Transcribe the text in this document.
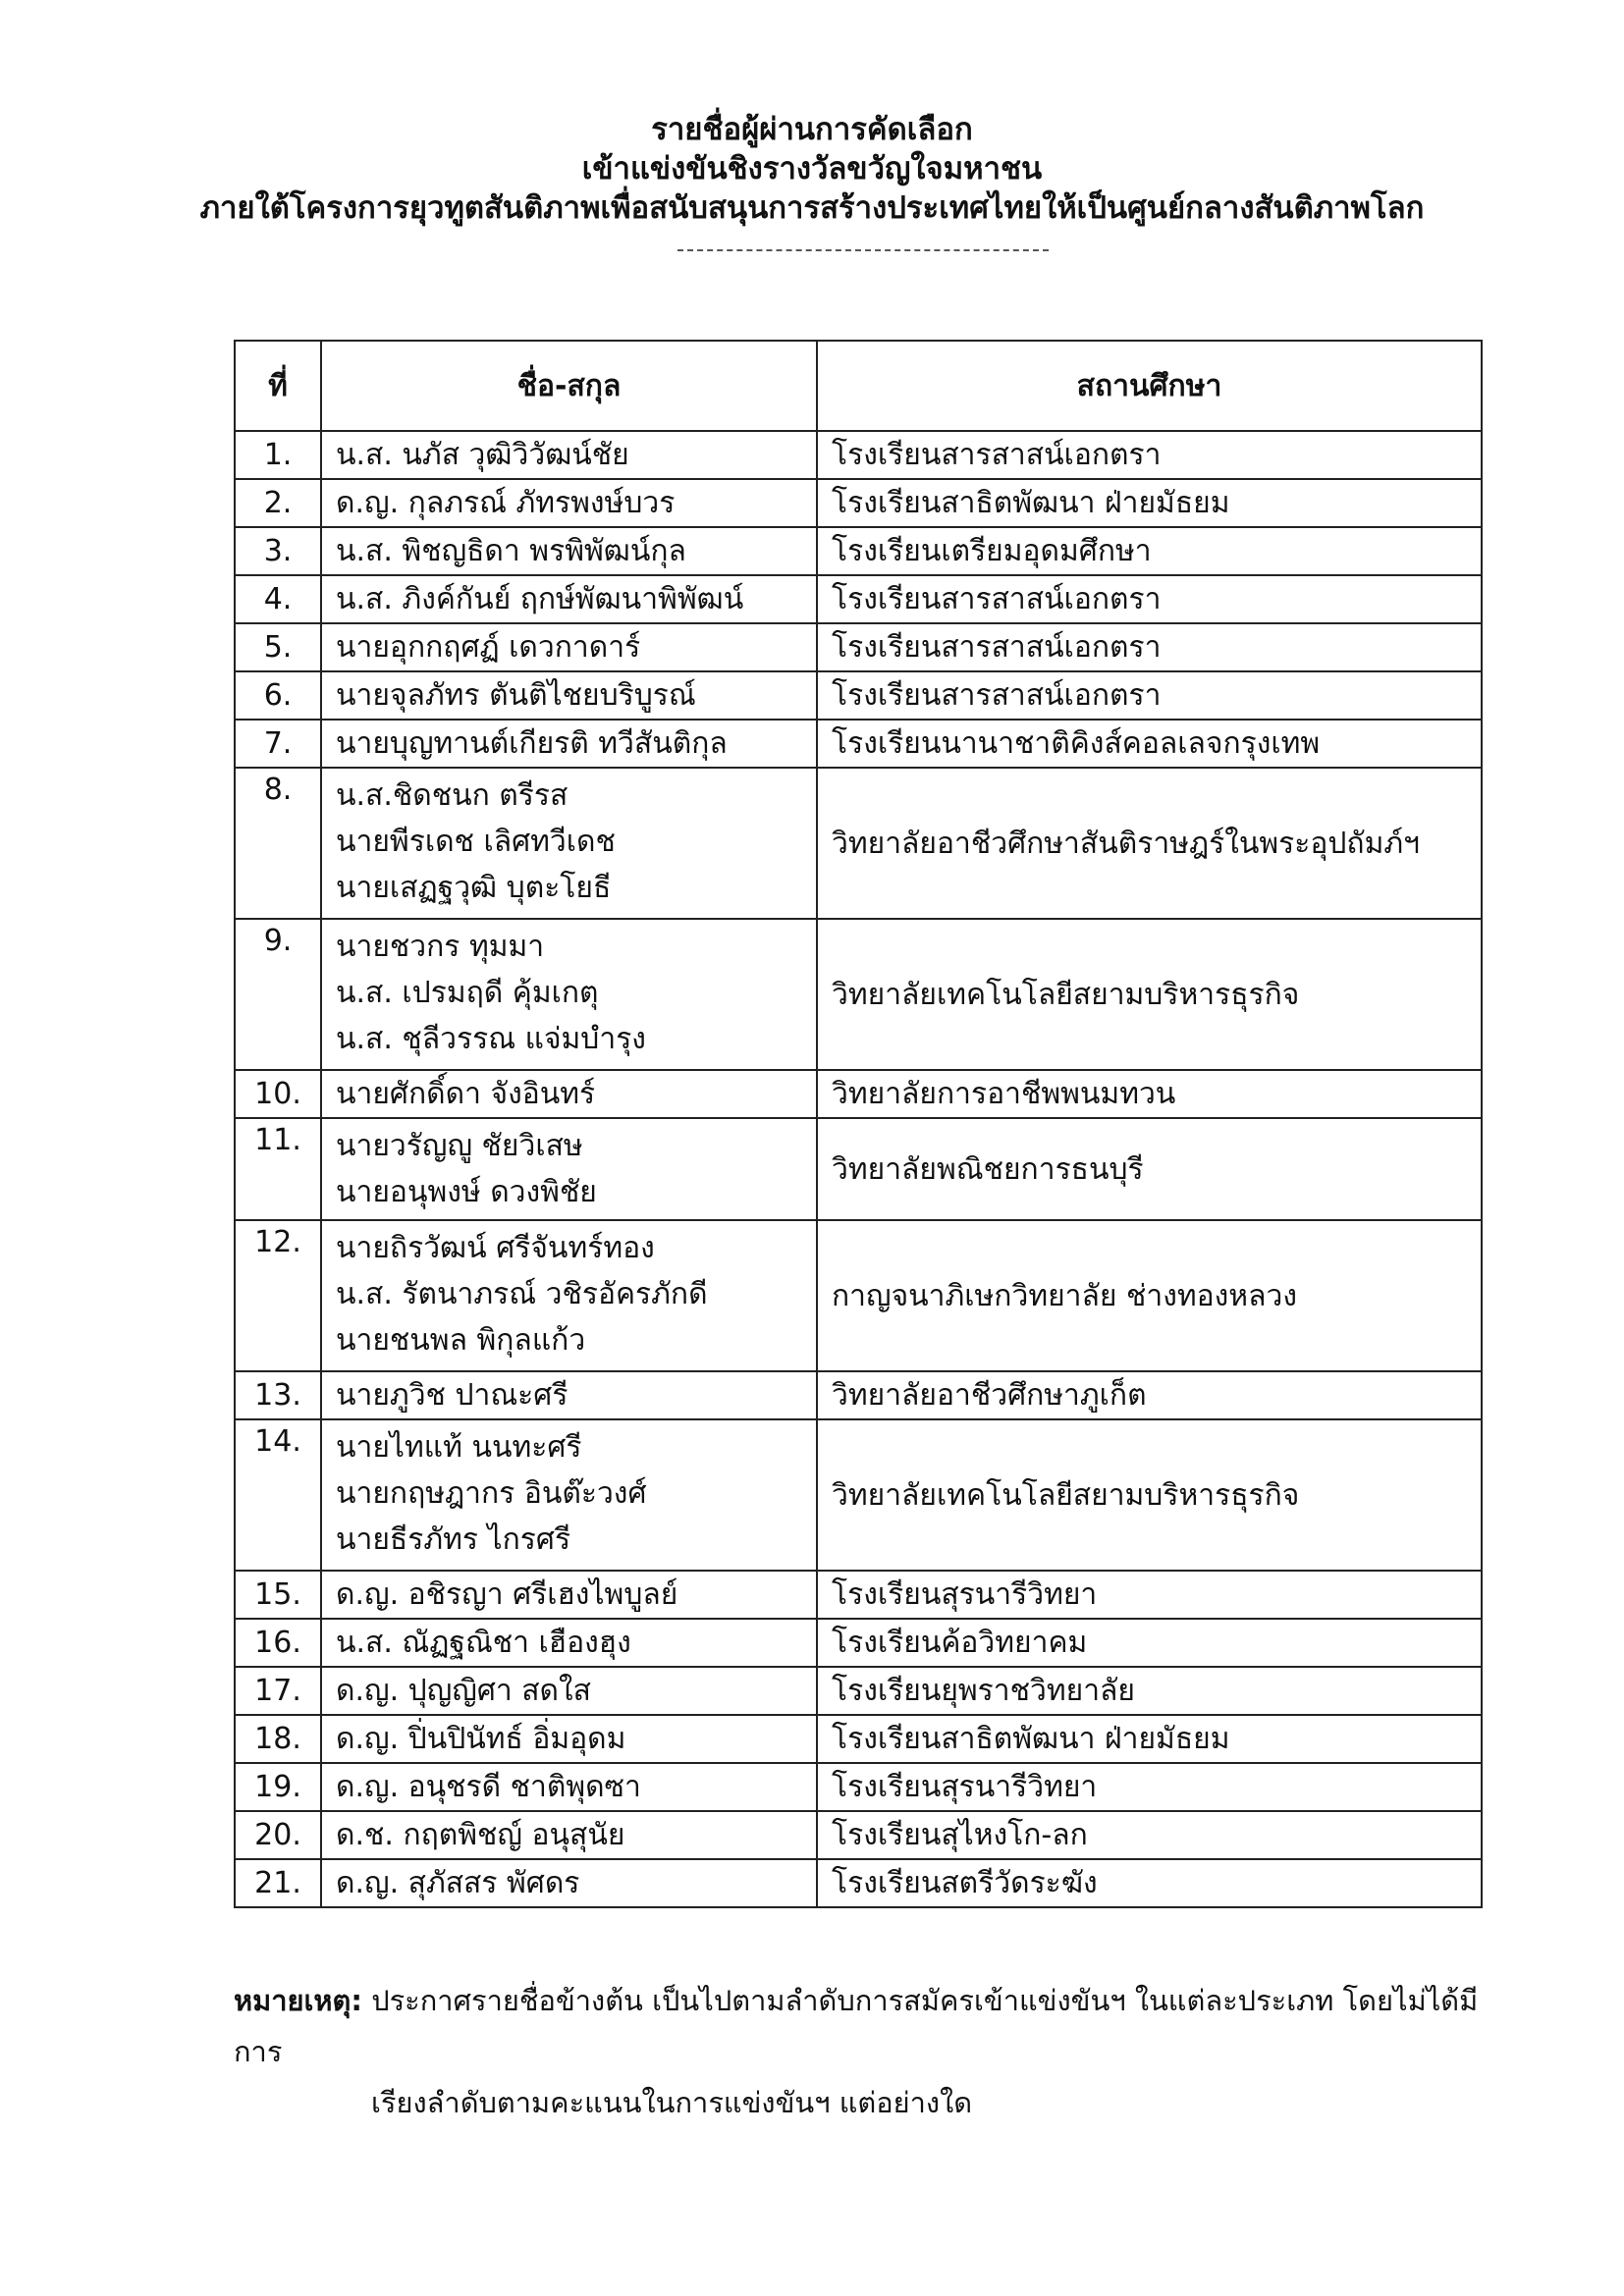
รายชื่อผู้ผ่านการคัดเลือก
เข้าแข่งขันชิงรางวัลขวัญใจมหาชน
ภายใต้โครงการยุวทูตสันติภาพเพื่อสนับสนุนการสร้างประเทศไทยให้เป็นศูนย์กลางสันติภาพโลก
ที่	ชื่อ-สกุล	สถานศึกษา
1.	น.ส. นภัส วุฒิวิวัฒน์ชัย	โรงเรียนสารสาสน์เอกตรา
2.	ด.ญ. กุลภรณ์ ภัทรพงษ์บวร	โรงเรียนสาธิตพัฒนา ฝ่ายมัธยม
3.	น.ส. พิชญธิดา พรพิพัฒน์กุล	โรงเรียนเตรียมอุดมศึกษา
4.	น.ส. ภิงค์กันย์ ฤกษ์พัฒนาพิพัฒน์	โรงเรียนสารสาสน์เอกตรา
5.	นายอุกกฤศฏ์ เดวกาดาร์	โรงเรียนสารสาสน์เอกตรา
6.	นายจุลภัทร ตันติไชยบริบูรณ์	โรงเรียนสารสาสน์เอกตรา
7.	นายบุญทานต์เกียรติ ทวีสันติกุล	โรงเรียนนานาชาติคิงส์คอลเลจกรุงเทพ
8.	น.ส.ชิดชนก ตรีรส
นายพีรเดช เลิศทวีเดช
นายเสฏฐวุฒิ บุตะโยธี	วิทยาลัยอาชีวศึกษาสันติราษฎร์ในพระอุปถัมภ์ฯ
9.	นายชวกร ทุมมา
น.ส. เปรมฤดี คุ้มเกตุ
น.ส. ชุลีวรรณ แจ่มบำรุง	วิทยาลัยเทคโนโลยีสยามบริหารธุรกิจ
10.	นายศักดิ์ดา จังอินทร์	วิทยาลัยการอาชีพพนมทวน
11.	นายวรัญญู ชัยวิเสษ
นายอนุพงษ์ ดวงพิชัย	วิทยาลัยพณิชยการธนบุรี
12.	นายถิรวัฒน์ ศรีจันทร์ทอง
น.ส. รัตนาภรณ์ วชิรอัครภักดี
นายชนพล พิกุลแก้ว	กาญจนาภิเษกวิทยาลัย ช่างทองหลวง
13.	นายภูวิช ปาณะศรี	วิทยาลัยอาชีวศึกษาภูเก็ต
14.	นายไทแท้ นนทะศรี
นายกฤษฎากร อินต๊ะวงศ์
นายธีรภัทร ไกรศรี	วิทยาลัยเทคโนโลยีสยามบริหารธุรกิจ
15.	ด.ญ. อชิรญา ศรีเฮงไพบูลย์	โรงเรียนสุรนารีวิทยา
16.	น.ส. ณัฏฐณิชา เฮืองฮุง	โรงเรียนค้อวิทยาคม
17.	ด.ญ. ปุญญิศา สดใส	โรงเรียนยุพราชวิทยาลัย
18.	ด.ญ. ปิ่นปินัทธ์ อิ่มอุดม	โรงเรียนสาธิตพัฒนา ฝ่ายมัธยม
19.	ด.ญ. อนุชรดี ชาติพุดซา	โรงเรียนสุรนารีวิทยา
20.	ด.ช. กฤตพิชญ์ อนุสุนัย	โรงเรียนสุไหงโก-ลก
21.	ด.ญ. สุภัสสร พัศดร	โรงเรียนสตรีวัดระฆัง
หมายเหตุ: ประกาศรายชื่อข้างต้น เป็นไปตามลำดับการสมัครเข้าแข่งขันฯ ในแต่ละประเภท โดยไม่ได้มีการ
เรียงลำดับตามคะแนนในการแข่งขันฯ แต่อย่างใด
